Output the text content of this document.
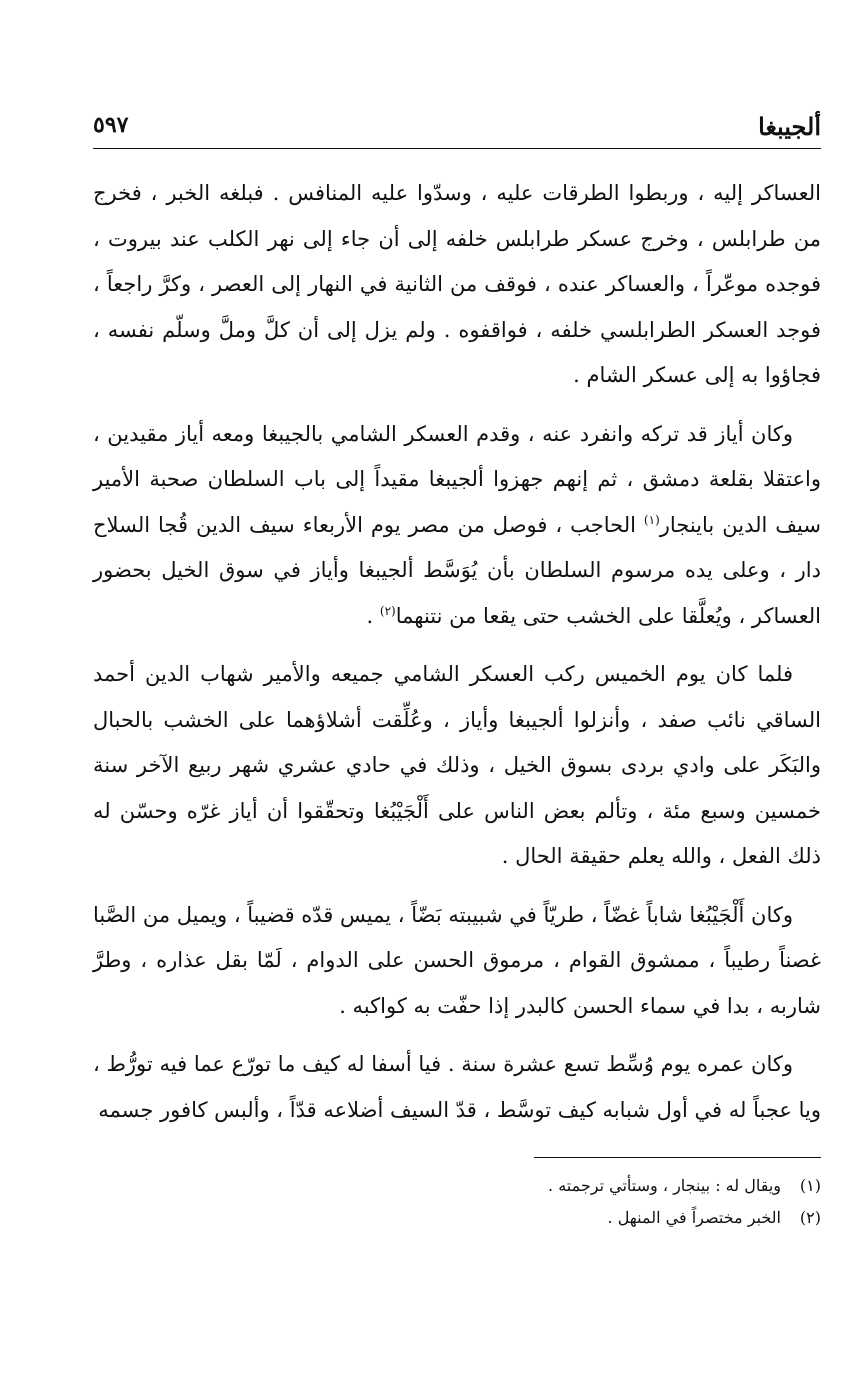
ألجيبغا
٥٩٧

العساكر إليه ، وربطوا الطرقات عليه ، وسدّوا عليه المنافس . فبلغه الخبر ، فخرج من طرابلس ، وخرج عسكر طرابلس خلفه إلى أن جاء إلى نهر الكلب عند بيروت ، فوجده موعّراً ، والعساكر عنده ، فوقف من الثانية في النهار إلى العصر ، وكرَّ راجعاً ، فوجد العسكر الطرابلسي خلفه ، فواقفوه . ولم يزل إلى أن كلَّ وملَّ وسلّم نفسه ، فجاؤوا به إلى عسكر الشام .

وكان أياز قد تركه وانفرد عنه ، وقدم العسكر الشامي بالجيبغا ومعه أياز مقيدين ، واعتقلا بقلعة دمشق ، ثم إنهم جهزوا ألجيبغا مقيداً إلى باب السلطان صحبة الأمير سيف الدين باينجار$^{(١)}$ الحاجب ، فوصل من مصر يوم الأربعاء سيف الدين قُجا السلاح دار ، وعلى يده مرسوم السلطان بأن يُوَسَّط ألجيبغا وأياز في سوق الخيل بحضور العساكر ، ويُعلَّقا على الخشب حتى يقعا من نتنهما$^{(٢)}$ .

فلما كان يوم الخميس ركب العسكر الشامي جميعه والأمير شهاب الدين أحمد الساقي نائب صفد ، وأنزلوا ألجيبغا وأياز ، وعُلِّقت أشلاؤهما على الخشب بالحبال والبَكَر على وادي بردى بسوق الخيل ، وذلك في حادي عشري شهر ربيع الآخر سنة خمسين وسبع مئة ، وتألم بعض الناس على أَلْجَيْبُغا وتحقّقوا أن أياز غرّه وحسّن له ذلك الفعل ، والله يعلم حقيقة الحال .

وكان أَلْجَيْبُغا شاباً غضّاً ، طريّاً في شبيبته بَضّاً ، يميس قدّه قضيباً ، ويميل من الصَّبا غصناً رطيباً ، ممشوق القوام ، مرموق الحسن على الدوام ، لَمّا بقل عذاره ، وطرَّ شاربه ، بدا في سماء الحسن كالبدر إذا حفّت به كواكبه .

وكان عمره يوم وُسِّط تسع عشرة سنة . فيا أسفا له كيف ما تورّع عما فيه تورُّط ، ويا عجباً له في أول شبابه كيف توسَّط ، قدّ السيف أضلاعه قدّاً ، وألبس كافور جسمه

(١)
ويقال له : بينجار ، وستأتي ترجمته .
(٢)
الخبر مختصراً في المنهل .
